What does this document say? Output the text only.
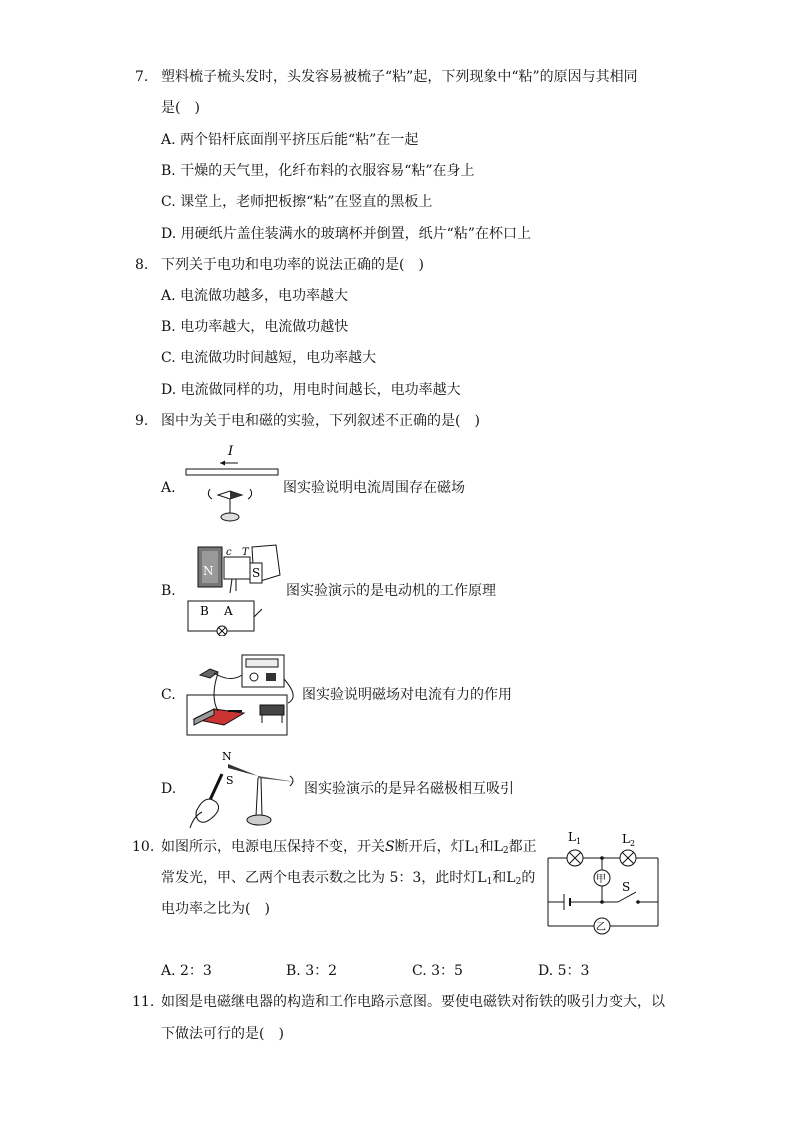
7. 塑料梳子梳头发时，头发容易被梳子“粘”起，下列现象中“粘”的原因与其相同
是(　)
A. 两个铅杆底面削平挤压后能“粘”在一起
B. 干燥的天气里，化纤布料的衣服容易“粘”在身上
C. 课堂上，老师把板擦“粘”在竖直的黑板上
D. 用硬纸片盖住装满水的玻璃杯并倒置，纸片“粘”在杯口上
8. 下列关于电功和电功率的说法正确的是(　)
A. 电流做功越多，电功率越大
B. 电功率越大，电流做功越快
C. 电流做功时间越短，电功率越大
D. 电流做同样的功，用电时间越长，电功率越大
9. 图中为关于电和磁的实验，下列叙述不正确的是(　)
A.
I
图实验说明电流周围存在磁场
B.
N	S
c T
B A
图实验演示的是电动机的工作原理
C.	图实验说明磁场对电流有力的作用
D.
N
S
图实验演示的是异名磁极相互吸引
10. 如图所示，电源电压保持不变，开关S断开后，灯$L_1$和$L_2$都正
常发光，甲、乙两个电表示数之比为 5：3，此时灯$L_1$和$L_2$的
电功率之比为(　)
$L_1$	$L_2$
甲
S
乙
A. 2：3	B. 3：2	C. 3：5	D. 5：3
11. 如图是电磁继电器的构造和工作电路示意图。要使电磁铁对衔铁的吸引力变大，以
下做法可行的是(　)
